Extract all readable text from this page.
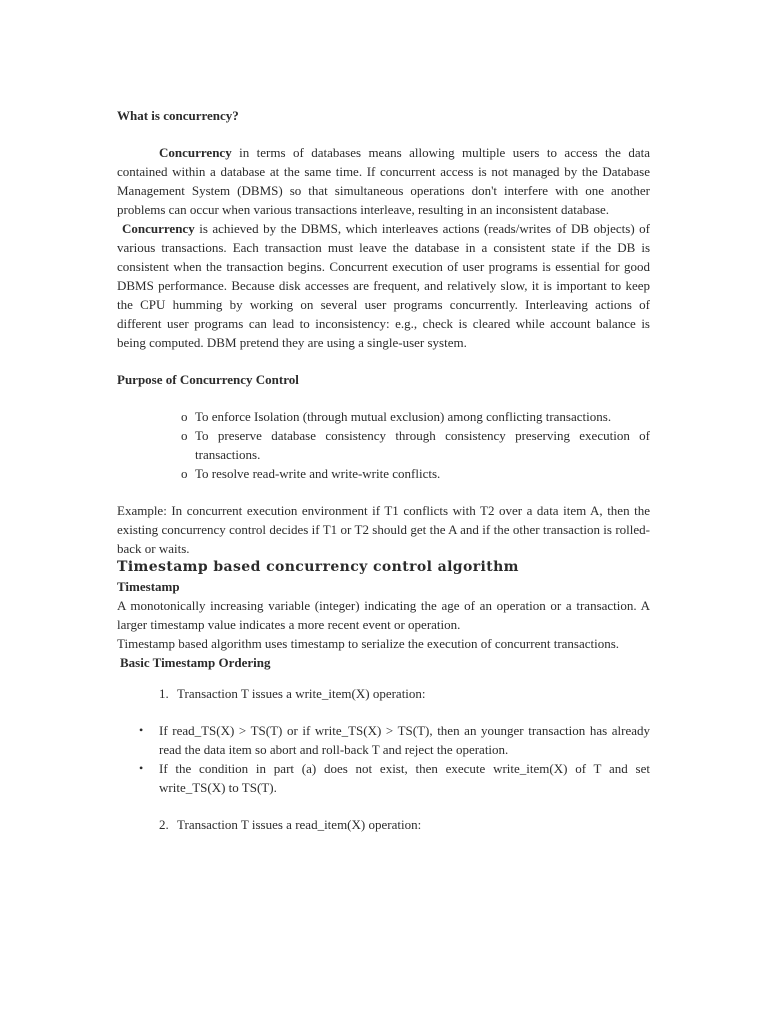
What is concurrency?

Concurrency in terms of databases means allowing multiple users to access the data contained within a database at the same time. If concurrent access is not managed by the Database Management System (DBMS) so that simultaneous operations don't interfere with one another problems can occur when various transactions interleave, resulting in an inconsistent database.

Concurrency is achieved by the DBMS, which interleaves actions (reads/writes of DB objects) of various transactions. Each transaction must leave the database in a consistent state if the DB is consistent when the transaction begins. Concurrent execution of user programs is essential for good DBMS performance. Because disk accesses are frequent, and relatively slow, it is important to keep the CPU humming by working on several user programs concurrently. Interleaving actions of different user programs can lead to inconsistency: e.g., check is cleared while account balance is being computed. DBM pretend they are using a single-user system.

Purpose of Concurrency Control
o To enforce Isolation (through mutual exclusion) among conflicting transactions.
o To preserve database consistency through consistency preserving execution of transactions.
o To resolve read-write and write-write conflicts.

Example: In concurrent execution environment if T1 conflicts with T2 over a data item A, then the existing concurrency control decides if T1 or T2 should get the A and if the other transaction is rolled-back or waits.

Timestamp based concurrency control algorithm
Timestamp

A monotonically increasing variable (integer) indicating the age of an operation or a transaction. A larger timestamp value indicates a more recent event or operation.

Timestamp based algorithm uses timestamp to serialize the execution of concurrent transactions.

Basic Timestamp Ordering
1. Transaction T issues a write_item(X) operation:
• If read_TS(X) > TS(T) or if write_TS(X) > TS(T), then an younger transaction has already read the data item so abort and roll-back T and reject the operation.
• If the condition in part (a) does not exist, then execute write_item(X) of T and set write_TS(X) to TS(T).
2. Transaction T issues a read_item(X) operation:
